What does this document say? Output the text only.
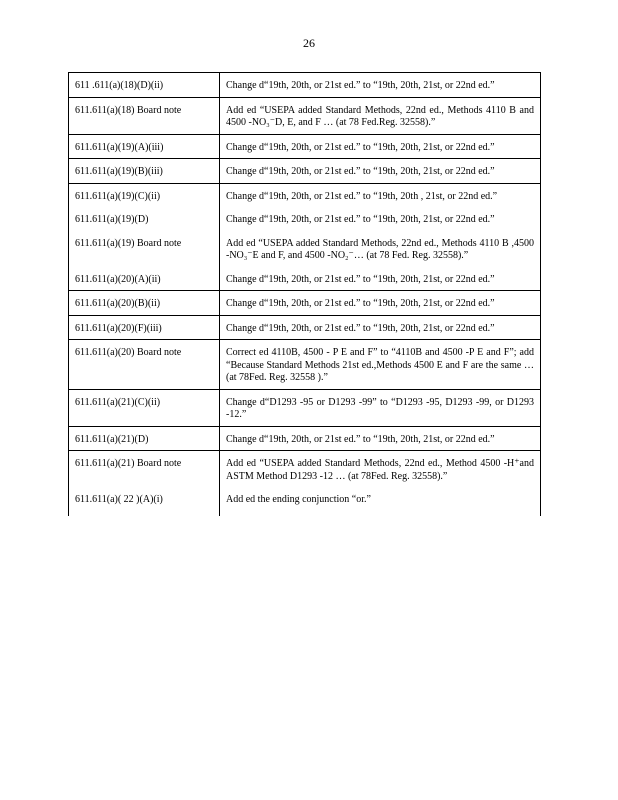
26
611 .611(a)(18)(D)(ii)	Change d“19th, 20th, or 21st ed.” to “19th, 20th, 21st, or 22nd ed.”
611.611(a)(18) Board note	Add ed “USEPA added Standard Methods, 22nd ed., Methods 4110 B and 4500 -NO₃⁻D, E, and F … (at 78 Fed.Reg. 32558).”
611.611(a)(19)(A)(iii)	Change d“19th, 20th, or 21st ed.” to “19th, 20th, 21st, or 22nd ed.”
611.611(a)(19)(B)(iii)	Change d“19th, 20th, or 21st ed.” to “19th, 20th, 21st, or 22nd ed.”
611.611(a)(19)(C)(ii)	Change d“19th, 20th, or 21st ed.” to “19th, 20th , 21st, or 22nd ed.”
611.611(a)(19)(D)	Change d“19th, 20th, or 21st ed.” to “19th, 20th, 21st, or 22nd ed.”
611.611(a)(19) Board note	Add ed “USEPA added Standard Methods, 22nd ed., Methods 4110 B ,4500 -NO₃⁻E and F, and 4500 -NO₂⁻… (at 78 Fed. Reg. 32558).”
611.611(a)(20)(A)(ii)	Change d“19th, 20th, or 21st ed.” to “19th, 20th, 21st, or 22nd ed.”
611.611(a)(20)(B)(ii)	Change d“19th, 20th, or 21st ed.” to “19th, 20th, 21st, or 22nd ed.”
611.611(a)(20)(F)(iii)	Change d“19th, 20th, or 21st ed.” to “19th, 20th, 21st, or 22nd ed.”
611.611(a)(20) Board note	Correct ed 4110B, 4500 - P E and F” to “4110B and 4500 -P E and F”; add “Because Standard Methods 21st ed.,Methods 4500 E and F are the same … (at 78Fed. Reg. 32558 ).”
611.611(a)(21)(C)(ii)	Change d“D1293 -95 or D1293 -99” to “D1293 -95, D1293 -99, or D1293 -12.”
611.611(a)(21)(D)	Change d“19th, 20th, or 21st ed.” to “19th, 20th, 21st, or 22nd ed.”
611.611(a)(21) Board note	Add ed “USEPA added Standard Methods, 22nd ed., Method 4500 -H⁺and ASTM Method D1293 -12 … (at 78Fed. Reg. 32558).”
611.611(a)( 22 )(A)(i)	Add ed the ending conjunction “or.”
